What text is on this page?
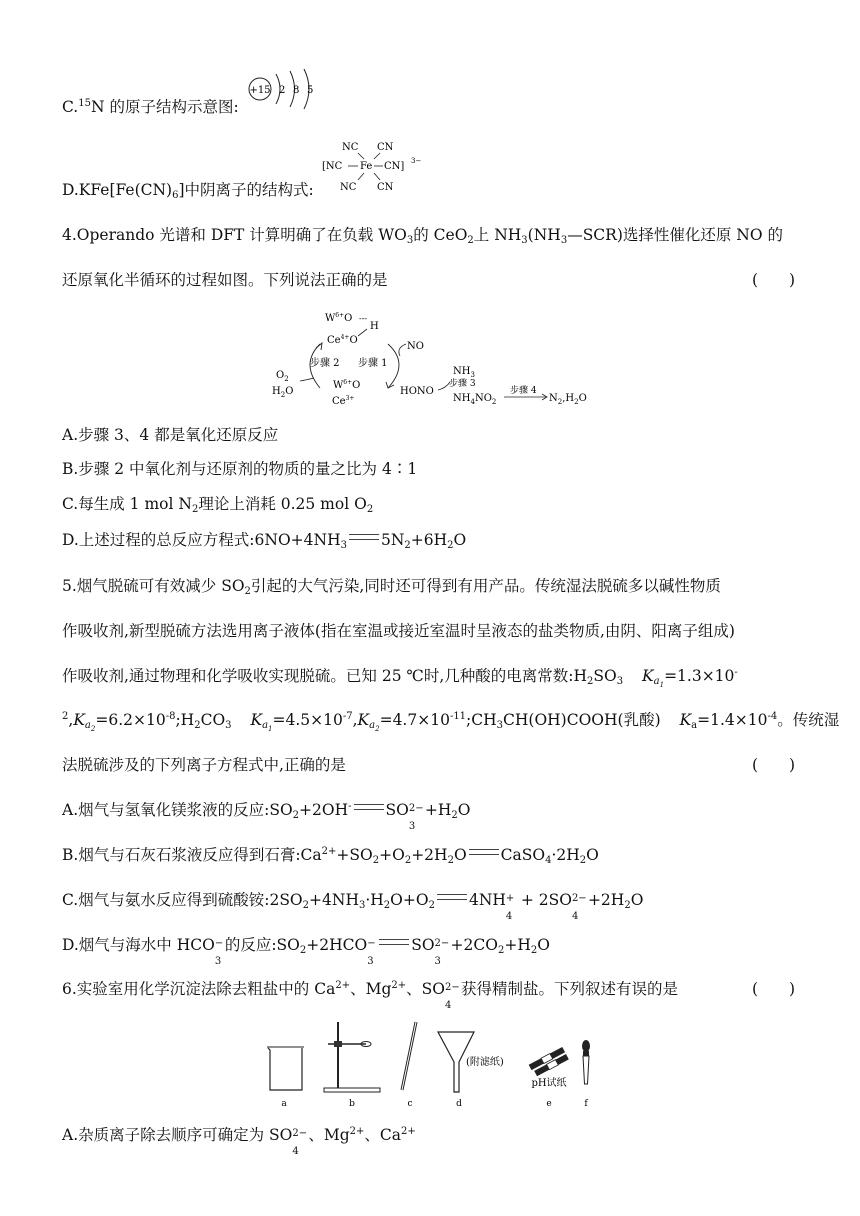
C.$^{15}$N 的原子结构示意图:
+15 2 8 5
$D.KFe[Fe(CN)_6]$中阴离子的结构式:
NC CN
[NC Fe CN] 3−
NC CN
4.Operando 光谱和 DFT 计算明确了在负载 $WO_3$的 CeO$_2$上 $NH_3(NH_3—SCR)$选择性催化还原 NO 的
还原氧化半循环的过程如图。下列说法正确的是	(　　)
$W^{6+}O$ ---
H
$Ce^{4+}O$
步骤 2 步骤 1
$O_2$
$H_2O$
$W^{6+}O$
$Ce^{3+}$
NO
HONO
$NH_3$
步骤 3
$NH_4NO_2$
步骤 4
$N_2,H_2O$
A.步骤 3、4 都是氧化还原反应
B.步骤 2 中氧化剂与还原剂的物质的量之比为 4∶1
C.每生成 1 mol $N_2$理论上消耗 0.25 mol $O_2$
D.上述过程的总反应方程式$:6NO+4NH_3$ $5N_2+6H_2O$
5.烟气脱硫可有效减少 $SO_2$引起的大气污染,同时还可得到有用产品。传统湿法脱硫多以碱性物质
作吸收剂,新型脱硫方法选用离子液体(指在室温或接近室温时呈液态的盐类物质,由阴、阳离子组成)
作吸收剂,通过物理和化学吸收实现脱硫。已知 25 ℃时,几种酸的电离常数$:H_2SO_3$ $K_{a_1}=1.3\times 10^-$
$^2,K_{a_2}=6.2\times 10^{-8};H_2CO_3$ $K_{a_1}=4.5\times 10^{-7},K_{a_2}=4.7\times 10^{-11};CH_3CH(OH)COOH$(乳酸) $K_a=1.4\times 10^{-4}$。传统湿
法脱硫涉及的下列离子方程式中,正确的是	(　　)
A.烟气与氢氧化镁浆液的反应$:SO_2+2OH^-$ SO 2−
3
$+H_2O$
B.烟气与石灰石浆液反应得到石膏$:Ca^{2+}+SO_2+O_2+2H_2O$ $CaSO_4\cdot 2H_2O$
C.烟气与氨水反应得到硫酸铵$:2SO_2+4NH_3\cdot H_2O+O_2$ 4NH +
4
+ 2SO 2−
4
$+2H_2O$
D.烟气与海水中 HCO −
3
的反应$:SO_2+2HCO$ −
3
SO 2−
3
$+2CO_2+H_2O$
6.实验室用化学沉淀法除去粗盐中的 $Ca^{2+}$、$Mg^{2+}$、SO 2−
4
获得精制盐。下列叙述有误的是	(　　)
a	b	c	d
(附滤纸)
pH试纸
e	f
A.杂质离子除去顺序可确定为 SO 2−
4
、$Mg^{2+}$、$Ca^{2+}$
